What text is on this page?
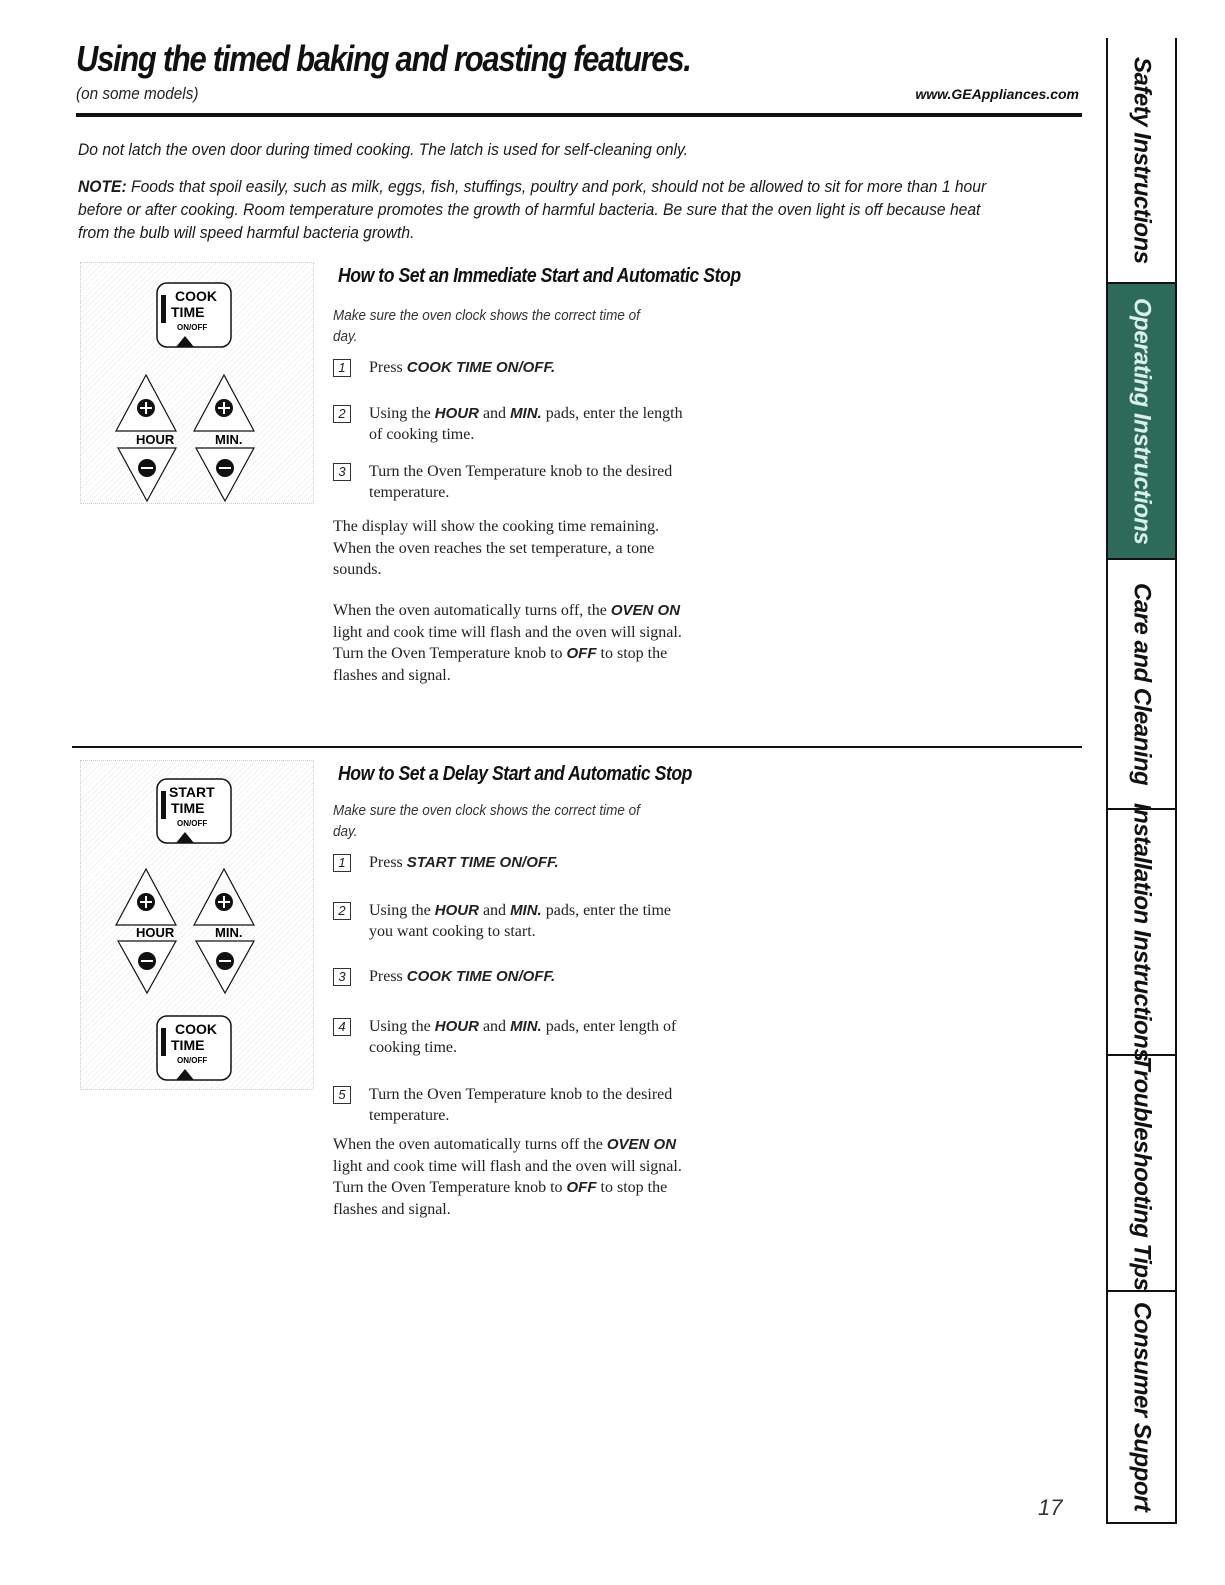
Using the timed baking and roasting features.
(on some models)	www.GEAppliances.com
Do not latch the oven door during timed cooking. The latch is used for self-cleaning only.
NOTE: Foods that spoil easily, such as milk, eggs, fish, stuffings, poultry and pork, should not be allowed to sit for more than 1 hour before or after cooking. Room temperature promotes the growth of harmful bacteria. Be sure that the oven light is off because heat from the bulb will speed harmful bacteria growth.
COOK
TIME
ON/OFF
HOUR	MIN.
How to Set an Immediate Start and Automatic Stop
Make sure the oven clock shows the correct time of day.
1	Press COOK TIME ON/OFF.
2	Using the HOUR and MIN. pads, enter the length of cooking time.
3	Turn the Oven Temperature knob to the desired temperature.
The display will show the cooking time remaining. When the oven reaches the set temperature, a tone sounds.
When the oven automatically turns off, the OVEN ON light and cook time will flash and the oven will signal. Turn the Oven Temperature knob to OFF to stop the flashes and signal.
START
TIME
ON/OFF
HOUR	MIN.
COOK
TIME
ON/OFF
How to Set a Delay Start and Automatic Stop
Make sure the oven clock shows the correct time of day.
1	Press START TIME ON/OFF.
2	Using the HOUR and MIN. pads, enter the time you want cooking to start.
3	Press COOK TIME ON/OFF.
4	Using the HOUR and MIN. pads, enter length of cooking time.
5	Turn the Oven Temperature knob to the desired temperature.
When the oven automatically turns off the OVEN ON light and cook time will flash and the oven will signal. Turn the Oven Temperature knob to OFF to stop the flashes and signal.
17
Safety Instructions
Operating Instructions
Care and Cleaning
Installation Instructions
Troubleshooting Tips
Consumer Support
